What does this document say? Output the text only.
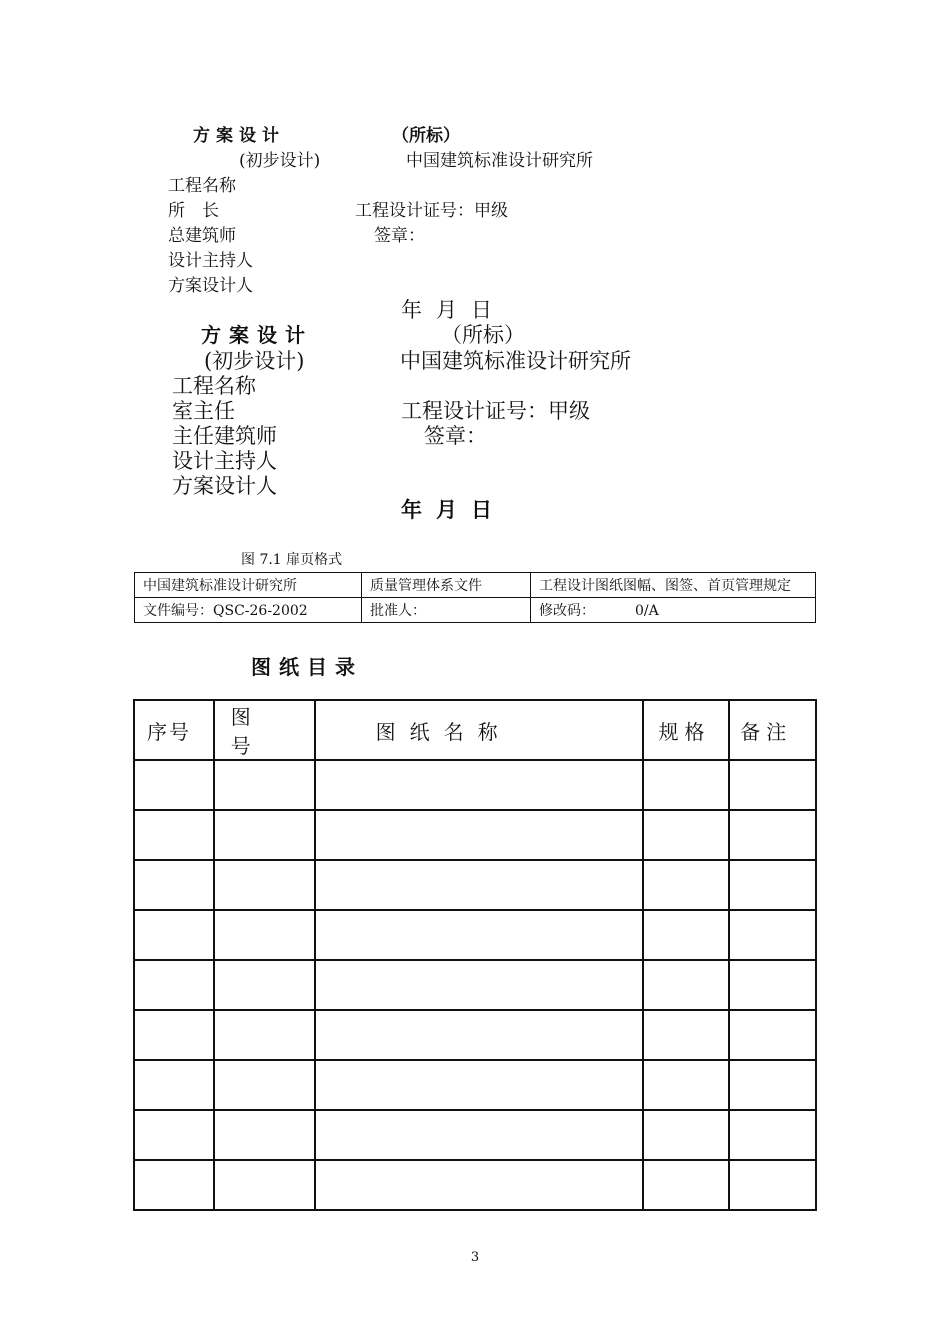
方案设计	（所标）
(初步设计)	中国建筑标准设计研究所
工程名称
所　长	工程设计证号：甲级
总建筑师	签章：
设计主持人
方案设计人
年月日
方案设计	（所标）
(初步设计)	中国建筑标准设计研究所
工程名称
室主任	工程设计证号：甲级
主任建筑师	签章：
设计主持人
方案设计人
年月日
图 7.1 扉页格式
中国建筑标准设计研究所	质量管理体系文件	工程设计图纸图幅、图签、首页管理规定
文件编号：QSC-26-2002	批准人：	修改码： 0/A
图纸目录
序号	图号	图纸名称	规格	备注

3
